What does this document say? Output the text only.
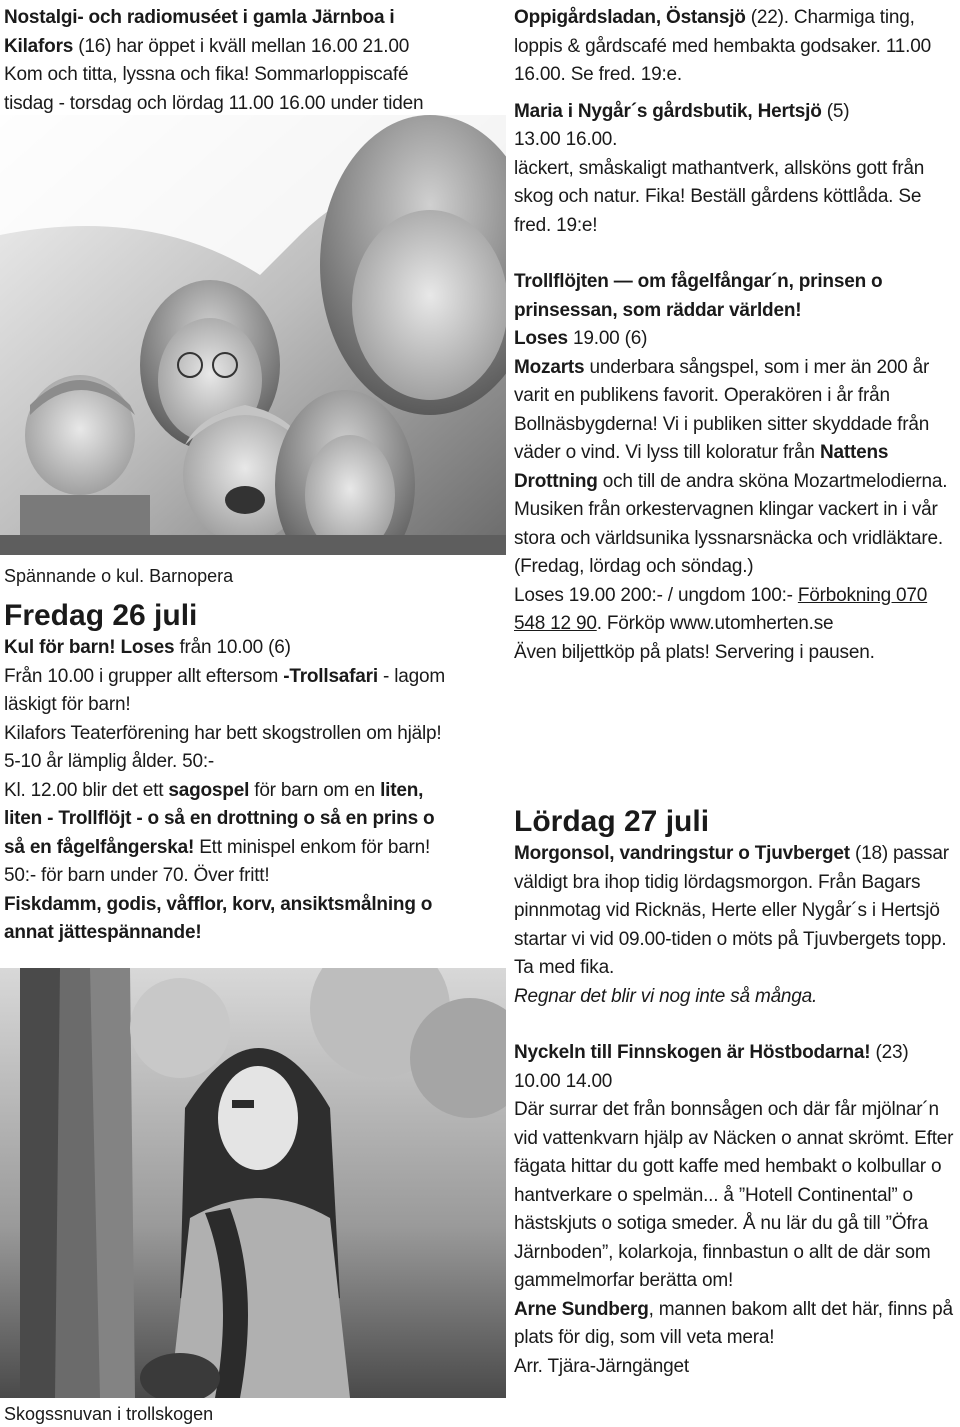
Nostalgi- och radiomuséet i gamla Järnboa i Kilafors (16) har öppet i kväll mellan 16.00 21.00 Kom och titta, lyssna och fika! Sommarloppiscafé tisdag - torsdag och lördag 11.00 16.00 under tiden

Spännande o kul. Barnopera

Fredag 26 juli

Kul för barn! Loses från 10.00 (6)

Från 10.00 i grupper allt eftersom -Trollsafari - lagom läskigt för barn!

Kilafors Teaterförening har bett skogstrollen om hjälp! 5-10 år lämplig ålder. 50:-

Kl. 12.00 blir det ett sagospel för barn om en liten, liten - Trollflöjt - o så en drottning o så en prins o så en fågelfångerska! Ett minispel enkom för barn! 50:- för barn under 70. Över fritt!

Fiskdamm, godis, våfflor, korv, ansiktsmålning o annat jättespännande!

Skogssnuvan i trollskogen

Oppigårdsladan, Östansjö (22). Charmiga ting, loppis & gårdscafé med hembakta godsaker. 11.00 16.00. Se fred. 19:e.

Maria i Nygår´s gårdsbutik, Hertsjö (5)

13.00 16.00.

läckert, småskaligt mathantverk, allsköns gott från skog och natur. Fika! Beställ gårdens köttlåda. Se fred. 19:e!

Trollflöjten — om fågelfångar´n, prinsen o prinsessan, som räddar världen!

Loses 19.00 (6)

Mozarts underbara sångspel, som i mer än 200 år varit en publikens favorit. Operakören i år från Bollnäsbygderna! Vi i publiken sitter skyddade från väder o vind. Vi lyss till koloratur från Nattens Drottning och till de andra sköna Mozartmelodierna. Musiken från orkestervagnen klingar vackert in i vår stora och världsunika lyssnarsnäcka och vridläktare. (Fredag, lördag och söndag.)

Loses 19.00 200:- / ungdom 100:- Förbokning 070 548 12 90. Förköp www.utomherten.se

Även biljettköp på plats! Servering i pausen.

Lördag 27 juli

Morgonsol, vandringstur o Tjuvberget (18) passar väldigt bra ihop tidig lördagsmorgon. Från Bagars pinnmotag vid Ricknäs, Herte eller Nygår´s i Hertsjö startar vi vid 09.00-tiden o möts på Tjuvbergets topp. Ta med fika.

Regnar det blir vi nog inte så många.

Nyckeln till Finnskogen är Höstbodarna! (23)

10.00 14.00

Där surrar det från bonnsågen och där får mjölnar´n vid vattenkvarn hjälp av Näcken o annat skrömt. Efter fägata hittar du gott kaffe med hembakt o kolbullar o hantverkare o spelmän... å ”Hotell Continental” o hästskjuts o sotiga smeder. Å nu lär du gå till ”Öfra Järnboden”, kolarkoja, finnbastun o allt de där som gammelmorfar berätta om!

Arne Sundberg, mannen bakom allt det här, finns på plats för dig, som vill veta mera!

Arr. Tjära-Järngänget
